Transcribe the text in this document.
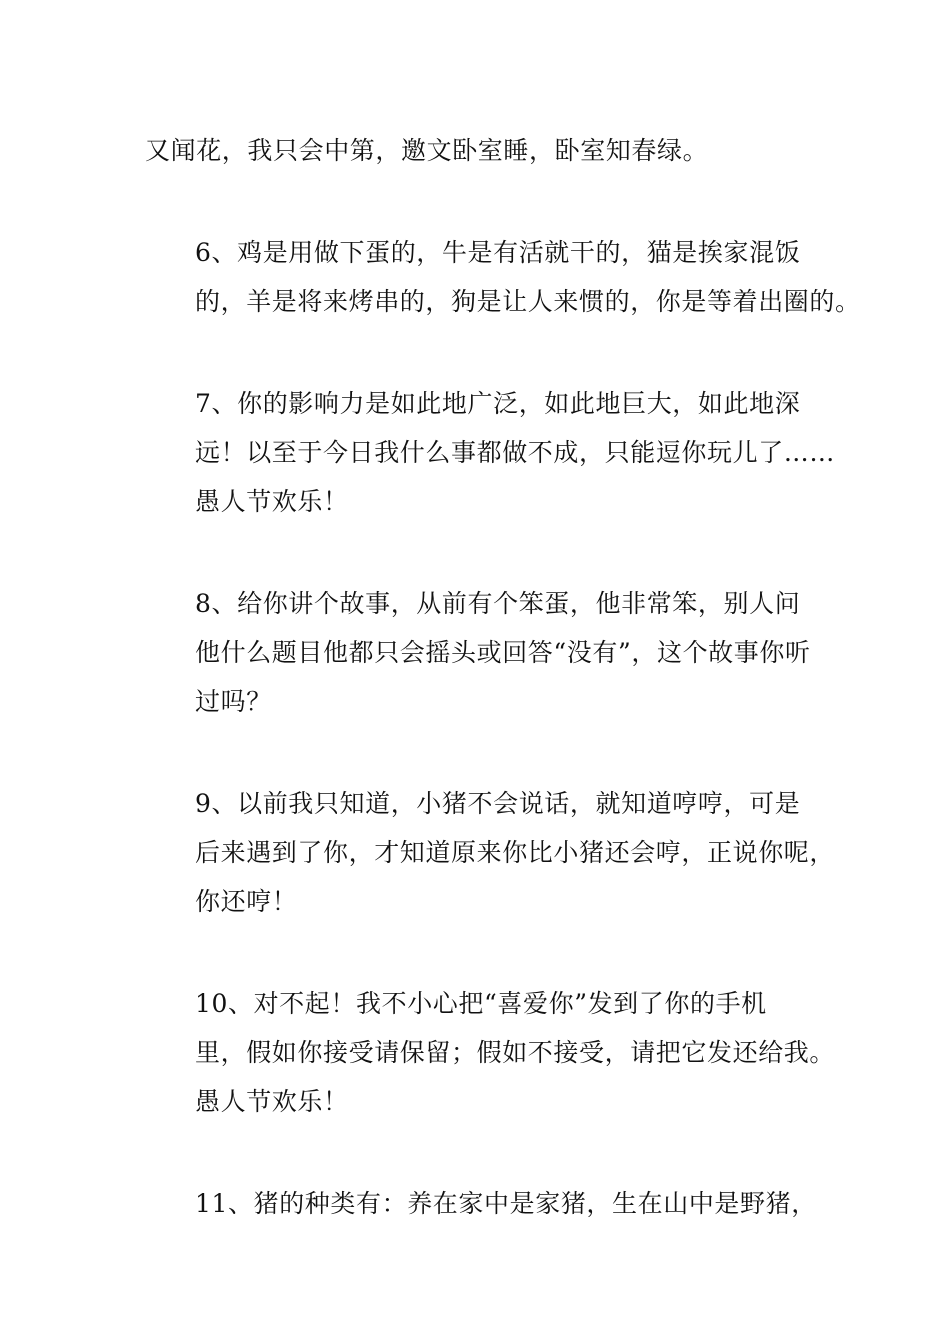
又闻花，我只会中第，邀文卧室睡，卧室知春绿。

6、鸡是用做下蛋的，牛是有活就干的，猫是挨家混饭
的，羊是将来烤串的，狗是让人来惯的，你是等着出圈的。

7、你的影响力是如此地广泛，如此地巨大，如此地深
远！以至于今日我什么事都做不成，只能逗你玩儿了……
愚人节欢乐！

8、给你讲个故事，从前有个笨蛋，他非常笨，别人问
他什么题目他都只会摇头或回答“没有”，这个故事你听
过吗？

9、以前我只知道，小猪不会说话，就知道哼哼，可是
后来遇到了你，才知道原来你比小猪还会哼，正说你呢，
你还哼！

10、对不起！我不小心把“喜爱你”发到了你的手机
里，假如你接受请保留；假如不接受，请把它发还给我。
愚人节欢乐！

11、猪的种类有：养在家中是家猪，生在山中是野猪，
